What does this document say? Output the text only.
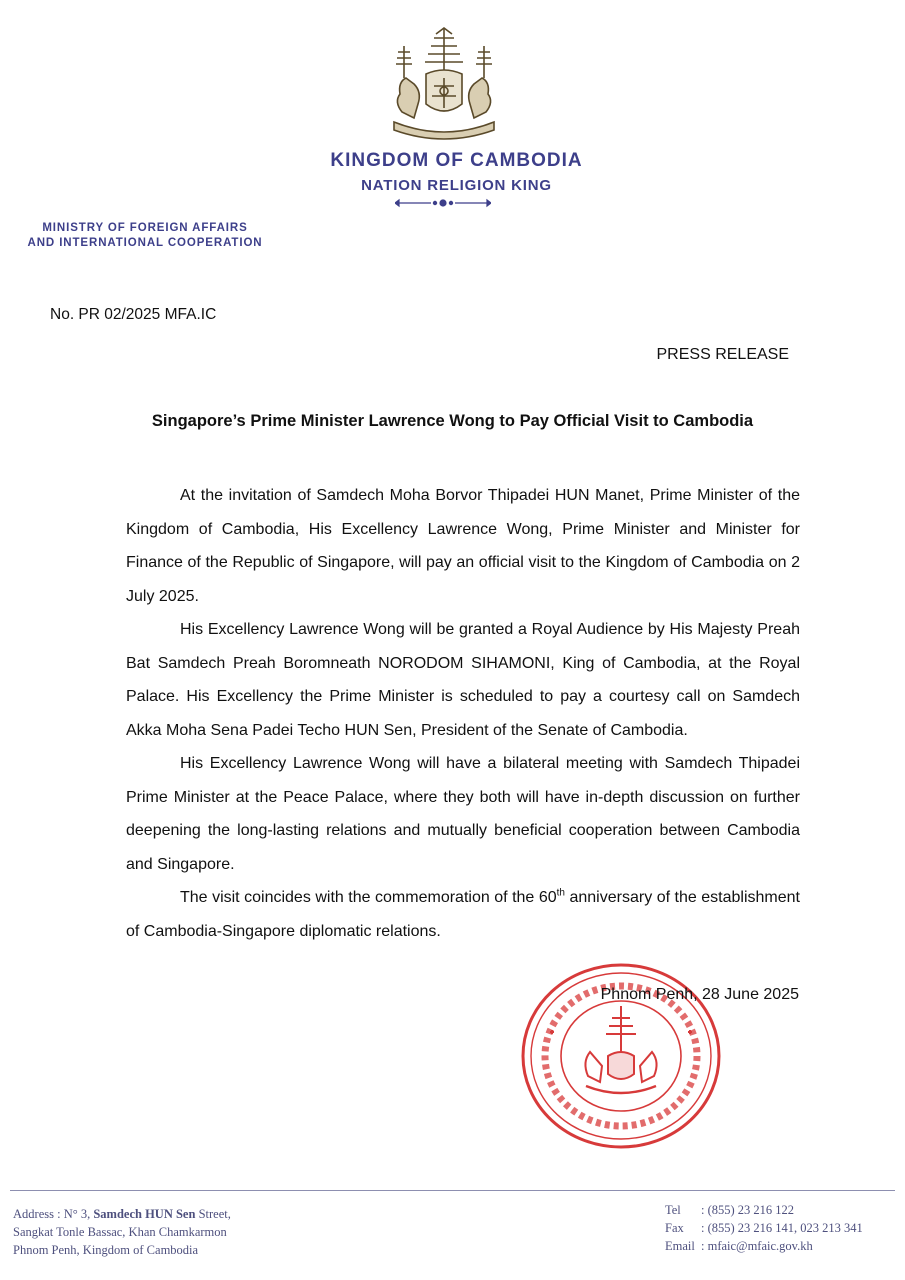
KINGDOM OF CAMBODIA
NATION RELIGION KING
MINISTRY OF FOREIGN AFFAIRS
AND INTERNATIONAL COOPERATION
No. PR 02/2025 MFA.IC
PRESS RELEASE
Singapore’s Prime Minister Lawrence Wong to Pay Official Visit to Cambodia

At the invitation of Samdech Moha Borvor Thipadei HUN Manet, Prime Minister of the Kingdom of Cambodia, His Excellency Lawrence Wong, Prime Minister and Minister for Finance of the Republic of Singapore, will pay an official visit to the Kingdom of Cambodia on 2 July 2025.

His Excellency Lawrence Wong will be granted a Royal Audience by His Majesty Preah Bat Samdech Preah Boromneath NORODOM SIHAMONI, King of Cambodia, at the Royal Palace. His Excellency the Prime Minister is scheduled to pay a courtesy call on Samdech Akka Moha Sena Padei Techo HUN Sen, President of the Senate of Cambodia.

His Excellency Lawrence Wong will have a bilateral meeting with Samdech Thipadei Prime Minister at the Peace Palace, where they both will have in-depth discussion on further deepening the long-lasting relations and mutually beneficial cooperation between Cambodia and Singapore.

The visit coincides with the commemoration of the 60th anniversary of the establishment of Cambodia-Singapore diplomatic relations.

Phnom Penh, 28 June 2025
Address : N° 3, Samdech HUN Sen Street,
Sangkat Tonle Bassac, Khan Chamkarmon
Phnom Penh, Kingdom of Cambodia
Tel : (855) 23 216 122
Fax : (855) 23 216 141, 023 213 341
Email : mfaic@mfaic.gov.kh
